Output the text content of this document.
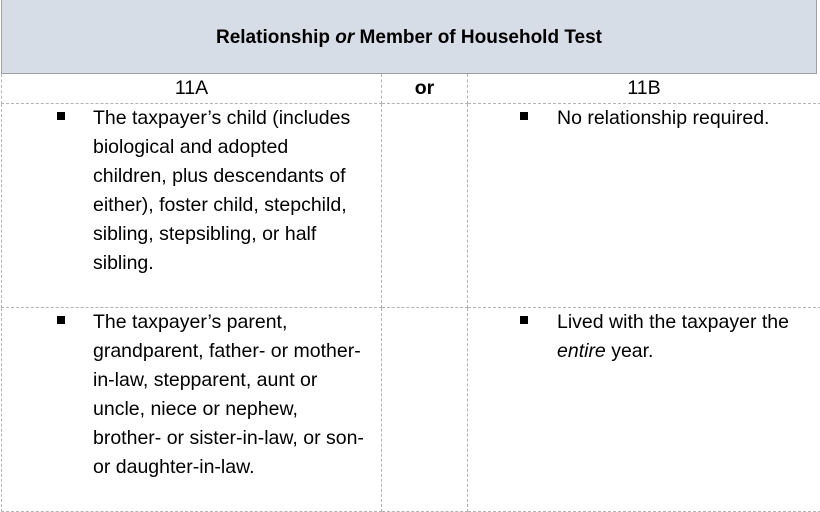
Relationship or Member of Household Test
11A	or	11B

The taxpayer’s child (includes biological and adopted children, plus descendants of either), foster child, stepchild, sibling, stepsibling, or half sibling.		No relationship required.

The taxpayer’s parent, grandparent, father- or mother-in-law, stepparent, aunt or uncle, niece or nephew, brother- or sister-in-law, or son- or daughter-in-law.		Lived with the taxpayer the entire year.
